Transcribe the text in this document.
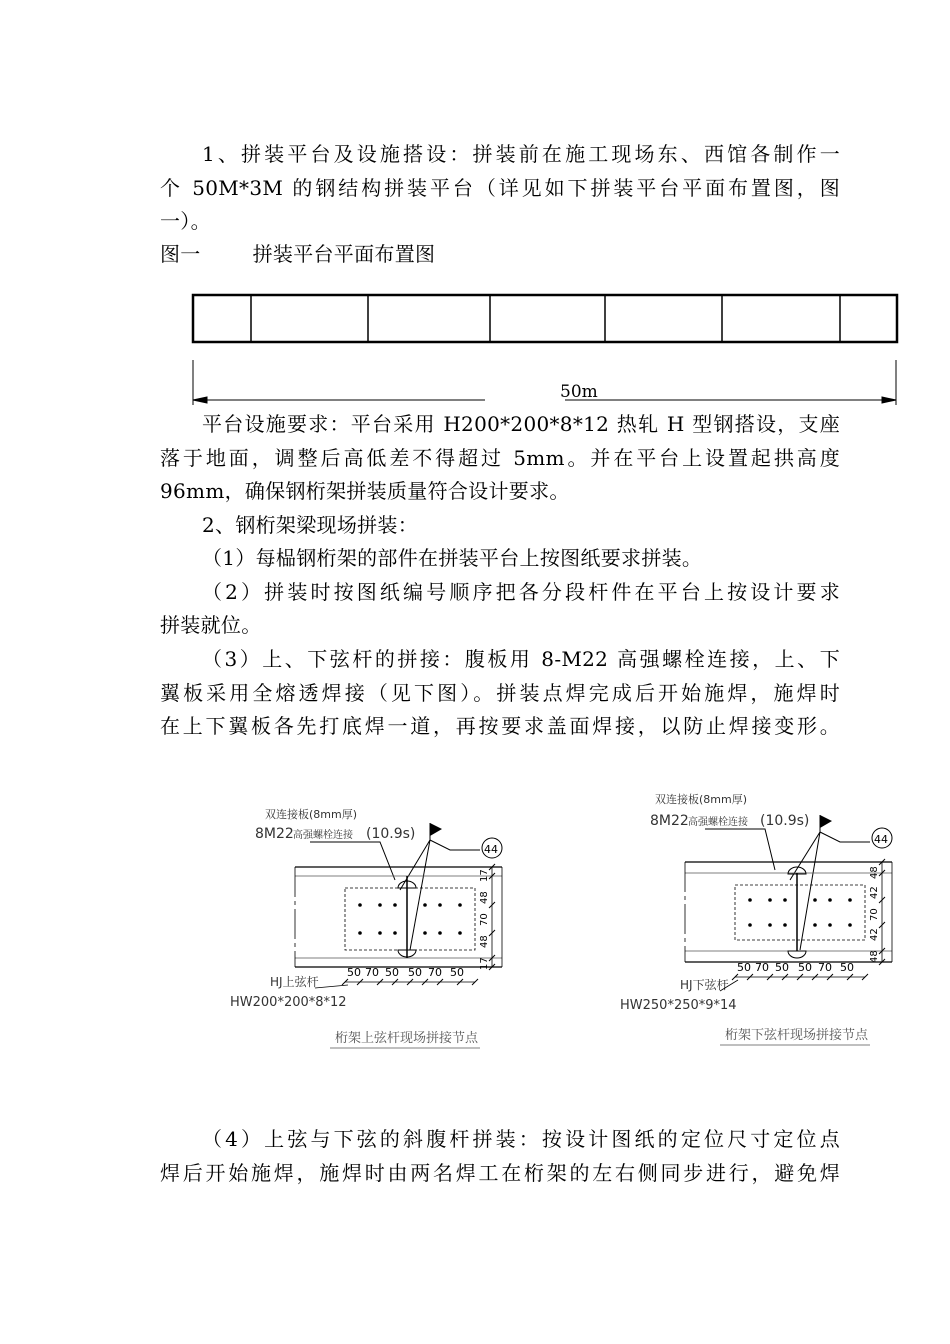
1、拼装平台及设施搭设：拼装前在施工现场东、西馆各制作一
个 50M*3M 的钢结构拼装平台（详见如下拼装平台平面布置图，图
一）。
图一	拼装平台平面布置图
50m
平台设施要求：平台采用 H200*200*8*12 热轧 H 型钢搭设，支座
落于地面，调整后高低差不得超过 5mm。并在平台上设置起拱高度
96mm，确保钢桁架拼装质量符合设计要求。
2、钢桁架梁现场拼装：
（1）每榀钢桁架的部件在拼装平台上按图纸要求拼装。
（2）拼装时按图纸编号顺序把各分段杆件在平台上按设计要求
拼装就位。
（3）上、下弦杆的拼接：腹板用 8-M22 高强螺栓连接，上、下
翼板采用全熔透焊接（见下图）。拼装点焊完成后开始施焊，施焊时
在上下翼板各先打底焊一道，再按要求盖面焊接，以防止焊接变形。
双连接板(8mm厚)
8M22 高强螺栓连接 (10.9s)
44
50 70 50 50 70 50
17
48
70
48
17
HJ上弦杆
HW200*200*8*12
桁架上弦杆现场拼接节点
双连接板(8mm厚)
8M22 高强螺栓连接 (10.9s)
44
50 70 50 50 70 50
48
42
70
42
48
HJ下弦杆
HW250*250*9*14
桁架下弦杆现场拼接节点
（4）上弦与下弦的斜腹杆拼装：按设计图纸的定位尺寸定位点
焊后开始施焊，施焊时由两名焊工在桁架的左右侧同步进行，避免焊
